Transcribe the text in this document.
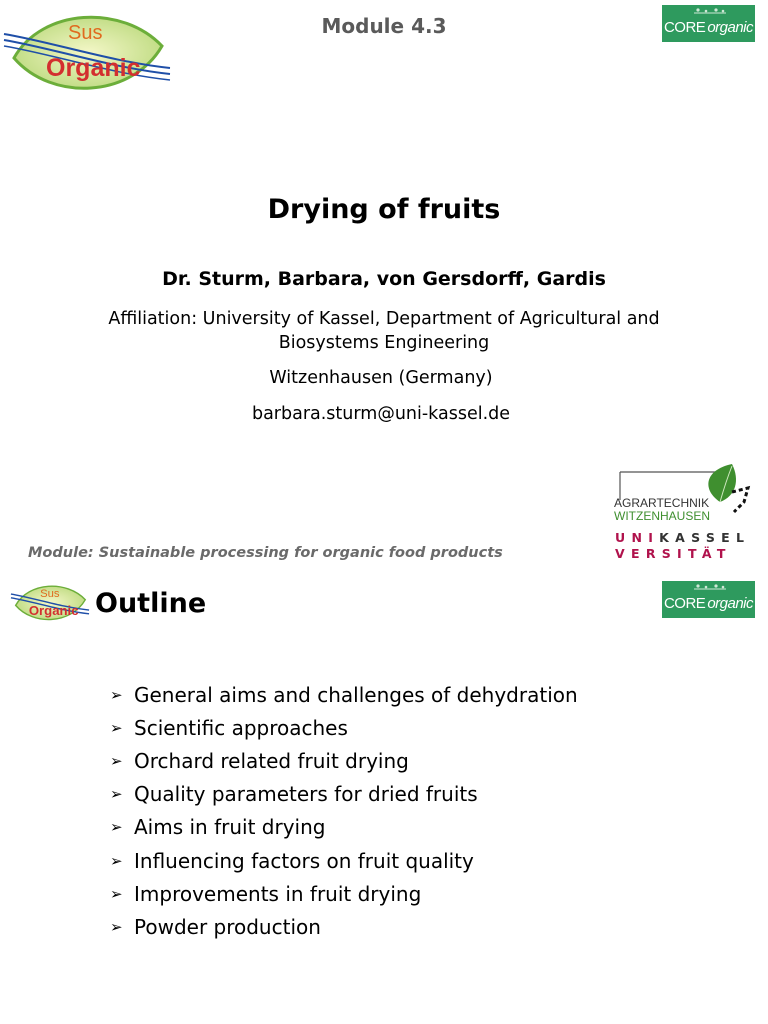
Sus
Organic
Module 4.3	CORE organic
Drying of fruits
Dr. Sturm, Barbara, von Gersdorff, Gardis
Affiliation: University of Kassel, Department of Agricultural and Biosystems Engineering
Witzenhausen (Germany)
barbara.sturm@uni-kassel.de
AGRARTECHNIK
WITZENHAUSEN
UNIKASSEL
VERSITÄT
Module: Sustainable processing for organic food products
Sus
Organic Outline	CORE organic
➢ General aims and challenges of dehydration
➢ Scientific approaches
➢ Orchard related fruit drying
➢ Quality parameters for dried fruits
➢ Aims in fruit drying
➢ Influencing factors on fruit quality
➢ Improvements in fruit drying
➢ Powder production
